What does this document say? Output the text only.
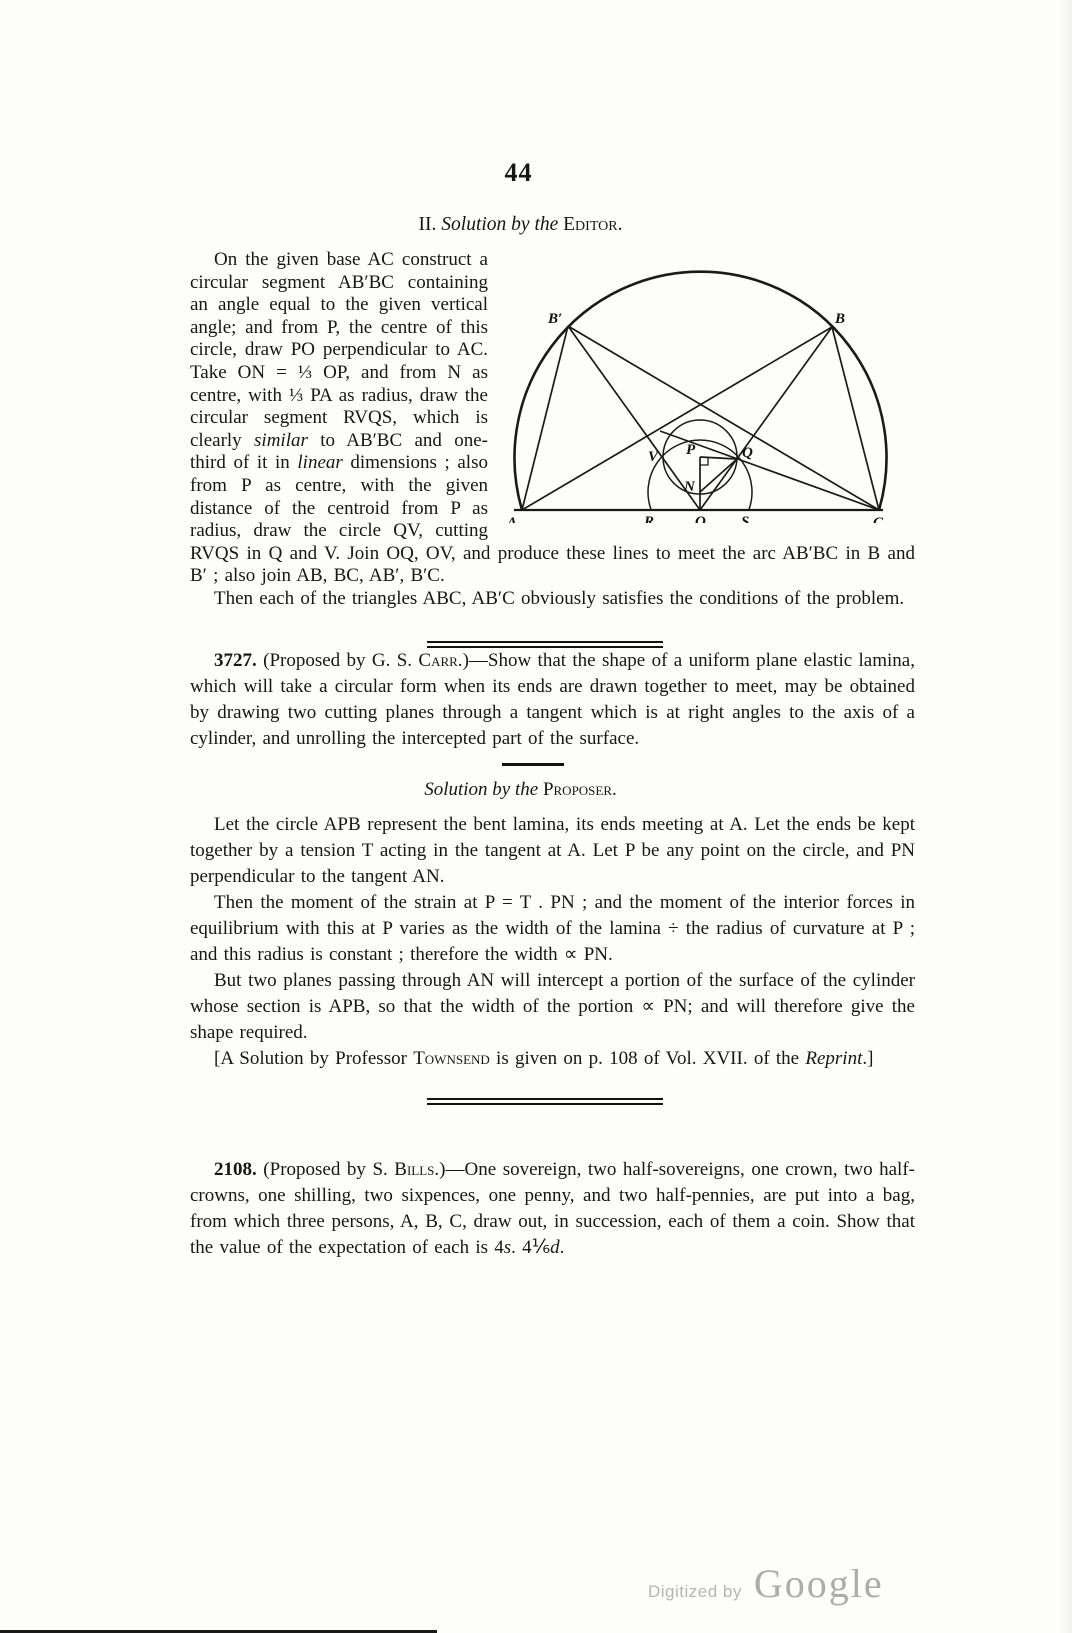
44
II. Solution by the Editor.
B′	B
V P	Q
N
A	R	O S	C

On the given base AC construct a circular segment AB′BC containing an angle equal to the given vertical angle; and from P, the centre of this circle, draw PO perpendicular to AC. Take ON = ⅓ OP, and from N as centre, with ⅓ PA as radius, draw the circular segment RVQS, which is clearly similar to AB′BC and one-third of it in linear dimensions ; also from P as centre, with the given distance of the centroid from P as radius, draw the circle QV, cutting RVQS in Q and V. Join OQ, OV, and produce these lines to meet the arc AB′BC in B and B′ ; also join AB, BC, AB′, B′C.

Then each of the triangles ABC, AB′C obviously satisfies the conditions of the problem.

3727. (Proposed by G. S. Carr.)—Show that the shape of a uniform plane elastic lamina, which will take a circular form when its ends are drawn together to meet, may be obtained by drawing two cutting planes through a tangent which is at right angles to the axis of a cylinder, and unrolling the intercepted part of the surface.

Solution by the Proposer.

Let the circle APB represent the bent lamina, its ends meeting at A. Let the ends be kept together by a tension T acting in the tangent at A. Let P be any point on the circle, and PN perpendicular to the tangent AN.

Then the moment of the strain at P = T . PN ; and the moment of the interior forces in equilibrium with this at P varies as the width of the lamina ÷ the radius of curvature at P ; and this radius is constant ; therefore the width ∝ PN.

But two planes passing through AN will intercept a portion of the surface of the cylinder whose section is APB, so that the width of the portion ∝ PN; and will therefore give the shape required.

[A Solution by Professor Townsend is given on p. 108 of Vol. XVII. of the Reprint.]

2108. (Proposed by S. Bills.)—One sovereign, two half-sovereigns, one crown, two half-crowns, one shilling, two sixpences, one penny, and two half-pennies, are put into a bag, from which three persons, A, B, C, draw out, in succession, each of them a coin. Show that the value of the expectation of each is 4s. 4⅙d.

Digitized by Google
